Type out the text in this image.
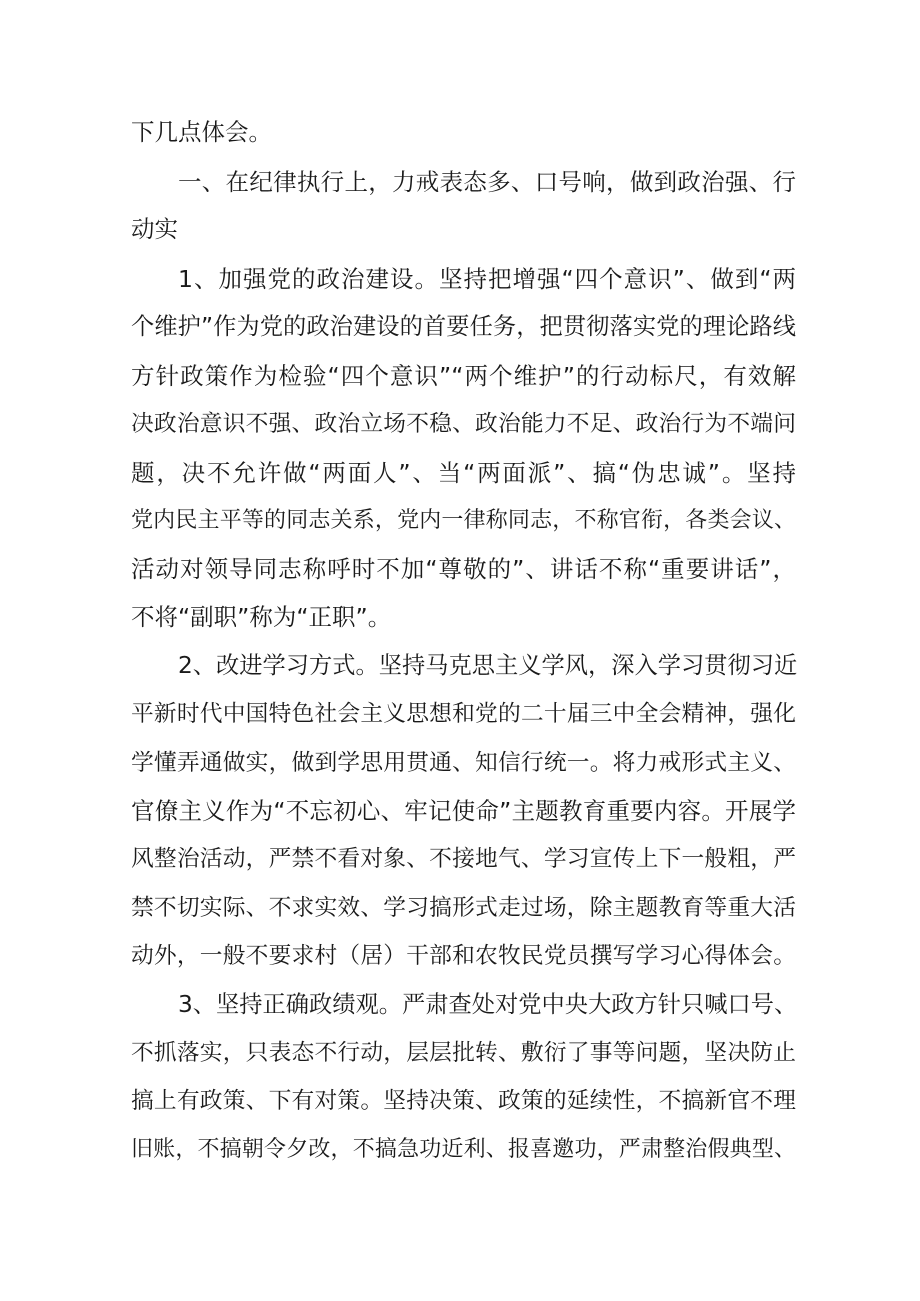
下几点体会。
一、在纪律执行上，力戒表态多、口号响，做到政治强、行
动实
1、加强党的政治建设。坚持把增强“四个意识”、做到“两
个维护”作为党的政治建设的首要任务，把贯彻落实党的理论路线
方针政策作为检验“四个意识”“两个维护”的行动标尺，有效解
决政治意识不强、政治立场不稳、政治能力不足、政治行为不端问
题，决不允许做“两面人”、当“两面派”、搞“伪忠诚”。坚持
党内民主平等的同志关系，党内一律称同志，不称官衔，各类会议、
活动对领导同志称呼时不加“尊敬的”、讲话不称“重要讲话”，
不将“副职”称为“正职”。
2、改进学习方式。坚持马克思主义学风，深入学习贯彻习近
平新时代中国特色社会主义思想和党的二十届三中全会精神，强化
学懂弄通做实，做到学思用贯通、知信行统一。将力戒形式主义、
官僚主义作为“不忘初心、牢记使命”主题教育重要内容。开展学
风整治活动，严禁不看对象、不接地气、学习宣传上下一般粗，严
禁不切实际、不求实效、学习搞形式走过场，除主题教育等重大活
动外，一般不要求村（居）干部和农牧民党员撰写学习心得体会。
3、坚持正确政绩观。严肃查处对党中央大政方针只喊口号、
不抓落实，只表态不行动，层层批转、敷衍了事等问题，坚决防止
搞上有政策、下有对策。坚持决策、政策的延续性，不搞新官不理
旧账，不搞朝令夕改，不搞急功近利、报喜邀功，严肃整治假典型、
